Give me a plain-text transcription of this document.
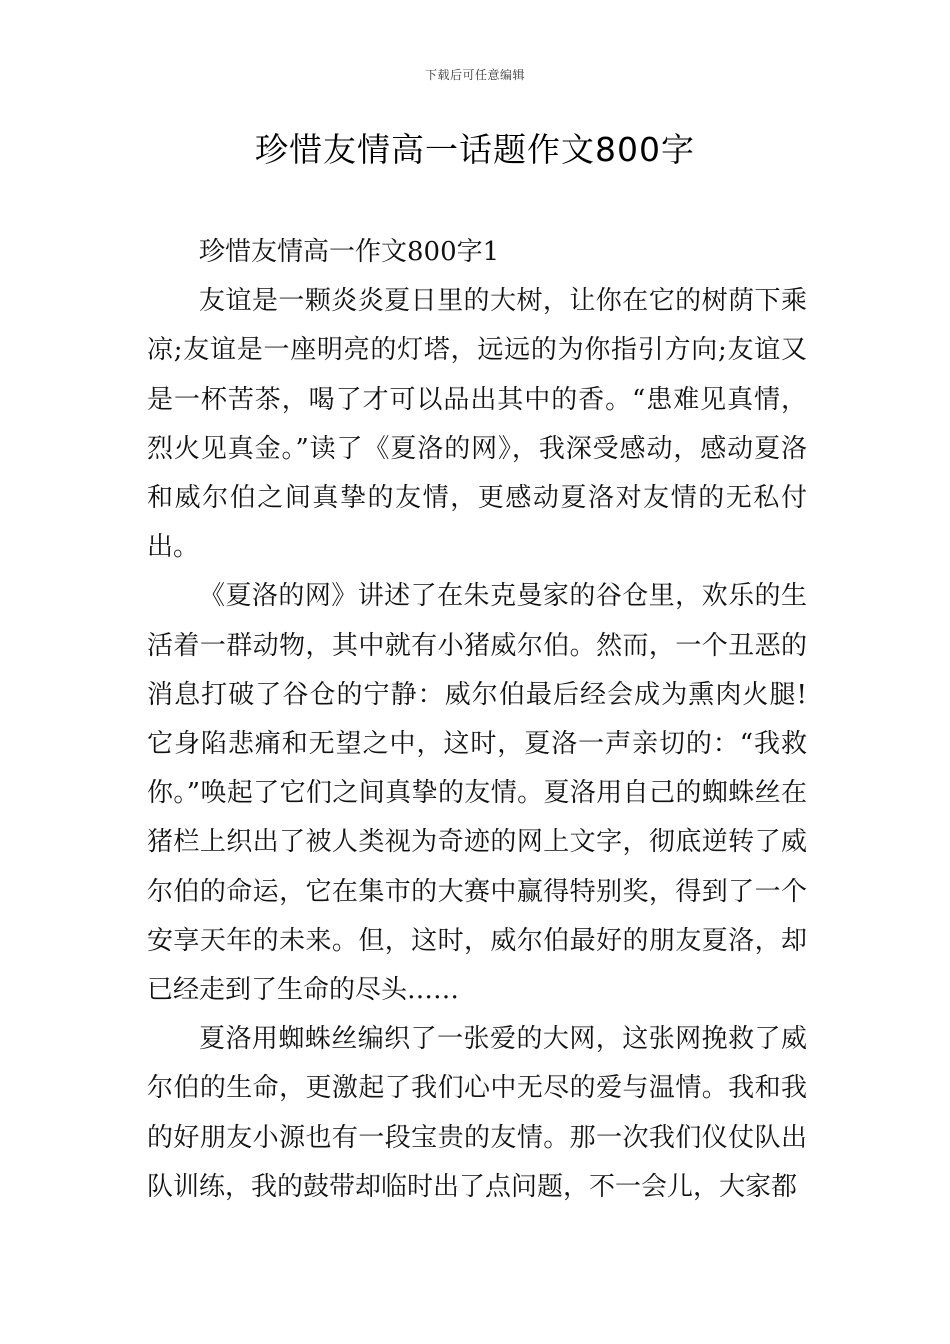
下载后可任意编辑
珍惜友情高一话题作文800字

珍惜友情高一作文800字1

友谊是一颗炎炎夏日里的大树，让你在它的树荫下乘凉;友谊是一座明亮的灯塔，远远的为你指引方向;友谊又是一杯苦茶，喝了才可以品出其中的香。“患难见真情，烈火见真金。”读了《夏洛的网》，我深受感动，感动夏洛和威尔伯之间真挚的友情，更感动夏洛对友情的无私付出。

《夏洛的网》讲述了在朱克曼家的谷仓里，欢乐的生活着一群动物，其中就有小猪威尔伯。然而，一个丑恶的消息打破了谷仓的宁静：威尔伯最后经会成为熏肉火腿!它身陷悲痛和无望之中，这时，夏洛一声亲切的：“我救你。”唤起了它们之间真挚的友情。夏洛用自己的蜘蛛丝在猪栏上织出了被人类视为奇迹的网上文字，彻底逆转了威尔伯的命运，它在集市的大赛中赢得特别奖，得到了一个安享天年的未来。但，这时，威尔伯最好的朋友夏洛，却已经走到了生命的尽头……

夏洛用蜘蛛丝编织了一张爱的大网，这张网挽救了威尔伯的生命，更激起了我们心中无尽的爱与温情。我和我的好朋友小源也有一段宝贵的友情。那一次我们仪仗队出队训练，我的鼓带却临时出了点问题，不一会儿，大家都
